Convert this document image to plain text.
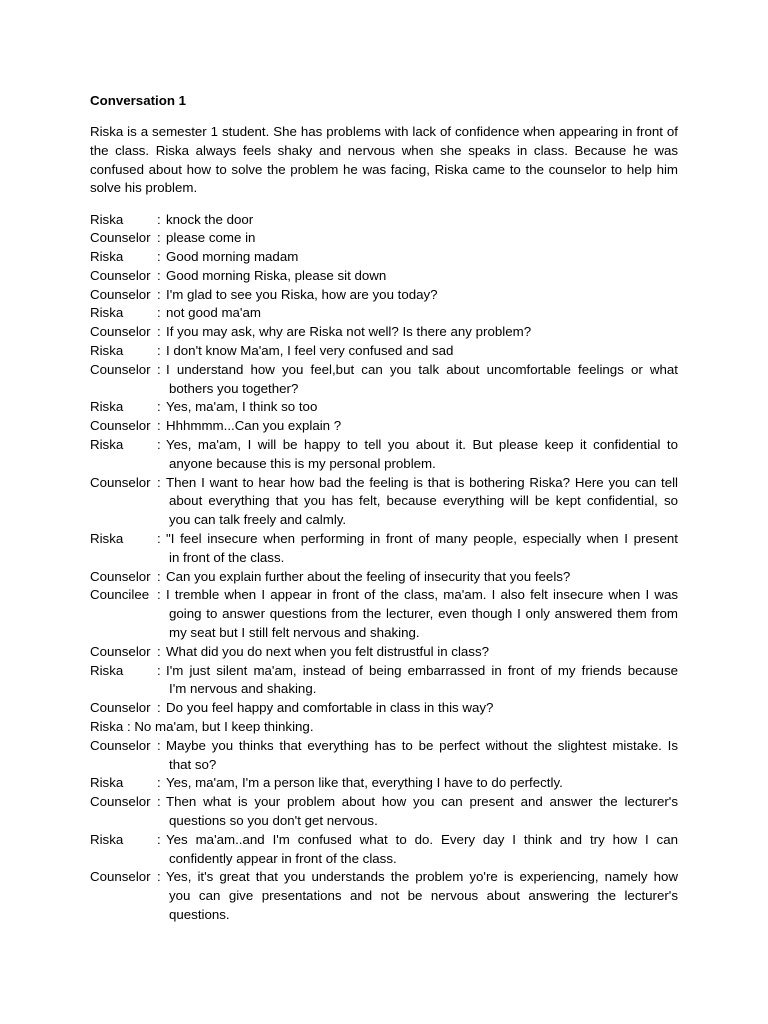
Conversation 1
Riska is a semester 1 student. She has problems with lack of confidence when appearing in front of the class. Riska always feels shaky and nervous when she speaks in class. Because he was confused about how to solve the problem he was facing, Riska came to the counselor to help him solve his problem.
Riska	: knock the door
Counselor : please come in
Riska	: Good morning madam
Counselor : Good morning Riska, please sit down
Counselor : I'm glad to see you Riska, how are you today?
Riska	: not good ma'am
Counselor : If you may ask, why are Riska not well? Is there any problem?
Riska	: I don't know Ma'am, I feel very confused and sad
Counselor : I understand how you feel,but can you talk about uncomfortable feelings or what
bothers you together?
Riska	: Yes, ma'am, I think so too
Counselor : Hhhmmm...Can you explain ?
Riska	: Yes, ma'am, I will be happy to tell you about it. But please keep it confidential to
anyone because this is my personal problem.
Counselor : Then I want to hear how bad the feeling is that is bothering Riska? Here you can tell
about everything that you has felt, because everything will be kept confidential, so
you can talk freely and calmly.
Riska	: "I feel insecure when performing in front of many people, especially when I present
in front of the class.
Counselor : Can you explain further about the feeling of insecurity that you feels?
Councilee : I tremble when I appear in front of the class, ma'am. I also felt insecure when I was
going to answer questions from the lecturer, even though I only answered them from
my seat but I still felt nervous and shaking.
Counselor : What did you do next when you felt distrustful in class?
Riska	: I'm just silent ma'am, instead of being embarrassed in front of my friends because
I'm nervous and shaking.
Counselor : Do you feel happy and comfortable in class in this way?
Riska : No ma'am, but I keep thinking.
Counselor : Maybe you thinks that everything has to be perfect without the slightest mistake. Is
that so?
Riska	: Yes, ma'am, I'm a person like that, everything I have to do perfectly.
Counselor : Then what is your problem about how you can present and answer the lecturer's
questions so you don't get nervous.
Riska	: Yes ma'am..and I'm confused what to do. Every day I think and try how I can
confidently appear in front of the class.
Counselor : Yes, it's great that you understands the problem yo're is experiencing, namely how
you can give presentations and not be nervous about answering the lecturer's
questions.
